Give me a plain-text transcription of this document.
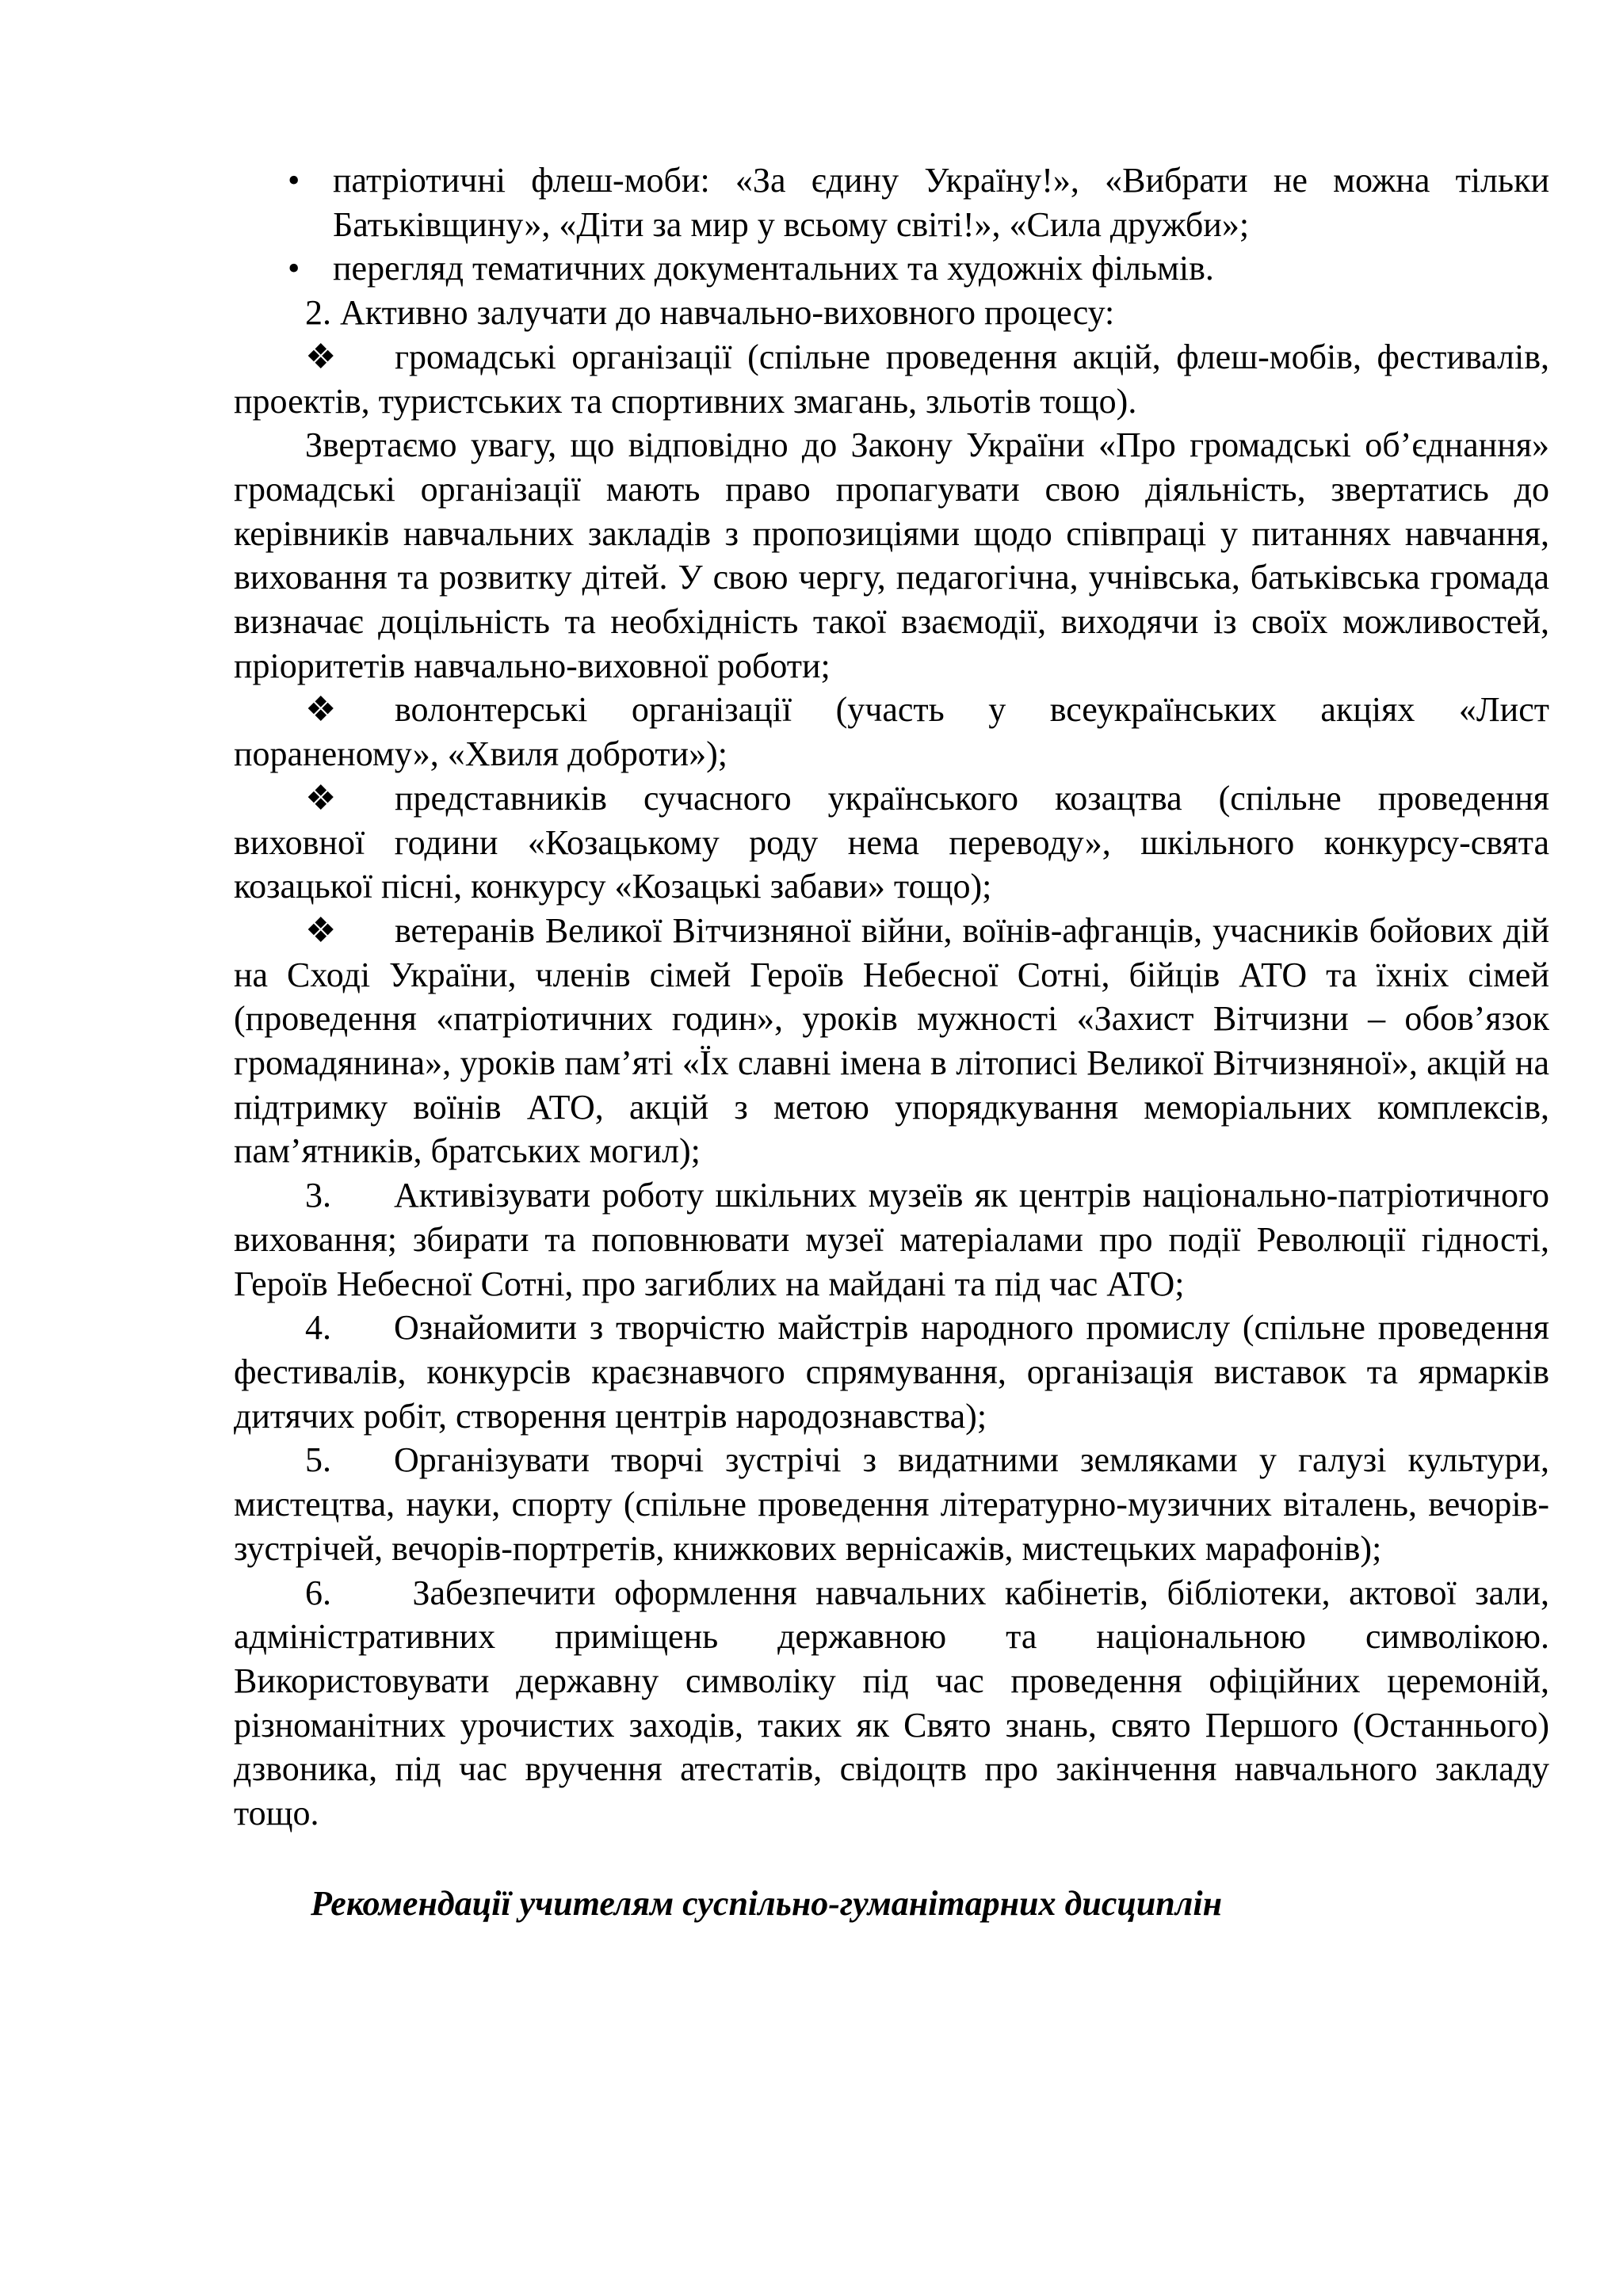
• патріотичні флеш-моби: «За єдину Україну!», «Вибрати не можна тільки Батьківщину», «Діти за мир у всьому світі!», «Сила дружби»;
• перегляд тематичних документальних та художніх фільмів.

2. Активно залучати до навчально-виховного процесу:

❖ громадські організації (спільне проведення акцій, флеш-мобів, фестивалів, проектів, туристських та спортивних змагань, зльотів тощо).

Звертаємо увагу, що відповідно до Закону України «Про громадські об’єднання» громадські організації мають право пропагувати свою діяльність, звертатись до керівників навчальних закладів з пропозиціями щодо співпраці у питаннях навчання, виховання та розвитку дітей. У свою чергу, педагогічна, учнівська, батьківська громада визначає доцільність та необхідність такої взаємодії, виходячи із своїх можливостей, пріоритетів навчально-виховної роботи;

❖ волонтерські організації (участь у всеукраїнських акціях «Лист пораненому», «Хвиля доброти»);

❖ представників сучасного українського козацтва (спільне проведення виховної години «Козацькому роду нема переводу», шкільного конкурсу-свята козацької пісні, конкурсу «Козацькі забави» тощо);

❖ ветеранів Великої Вітчизняної війни, воїнів-афганців, учасників бойових дій на Сході України, членів сімей Героїв Небесної Сотні, бійців АТО та їхніх сімей (проведення «патріотичних годин», уроків мужності «Захист Вітчизни – обов’язок громадянина», уроків пам’яті «Їх славні імена в літописі Великої Вітчизняної», акцій на підтримку воїнів АТО, акцій з метою упорядкування меморіальних комплексів, пам’ятників, братських могил);

3. Активізувати роботу шкільних музеїв як центрів національно-патріотичного виховання; збирати та поповнювати музеї матеріалами про події Революції гідності, Героїв Небесної Сотні, про загиблих на майдані та під час АТО;

4. Ознайомити з творчістю майстрів народного промислу (спільне проведення фестивалів, конкурсів краєзнавчого спрямування, організація виставок та ярмарків дитячих робіт, створення центрів народознавства);

5. Організувати творчі зустрічі з видатними земляками у галузі культури, мистецтва, науки, спорту (спільне проведення літературно-музичних віталень, вечорів-зустрічей, вечорів-портретів, книжкових вернісажів, мистецьких марафонів);

6. Забезпечити оформлення навчальних кабінетів, бібліотеки, актової зали, адміністративних приміщень державною та національною символікою. Використовувати державну символіку під час проведення офіційних церемоній, різноманітних урочистих заходів, таких як Свято знань, свято Першого (Останнього) дзвоника, під час вручення атестатів, свідоцтв про закінчення навчального закладу тощо.

Рекомендації учителям суспільно-гуманітарних дисциплін
